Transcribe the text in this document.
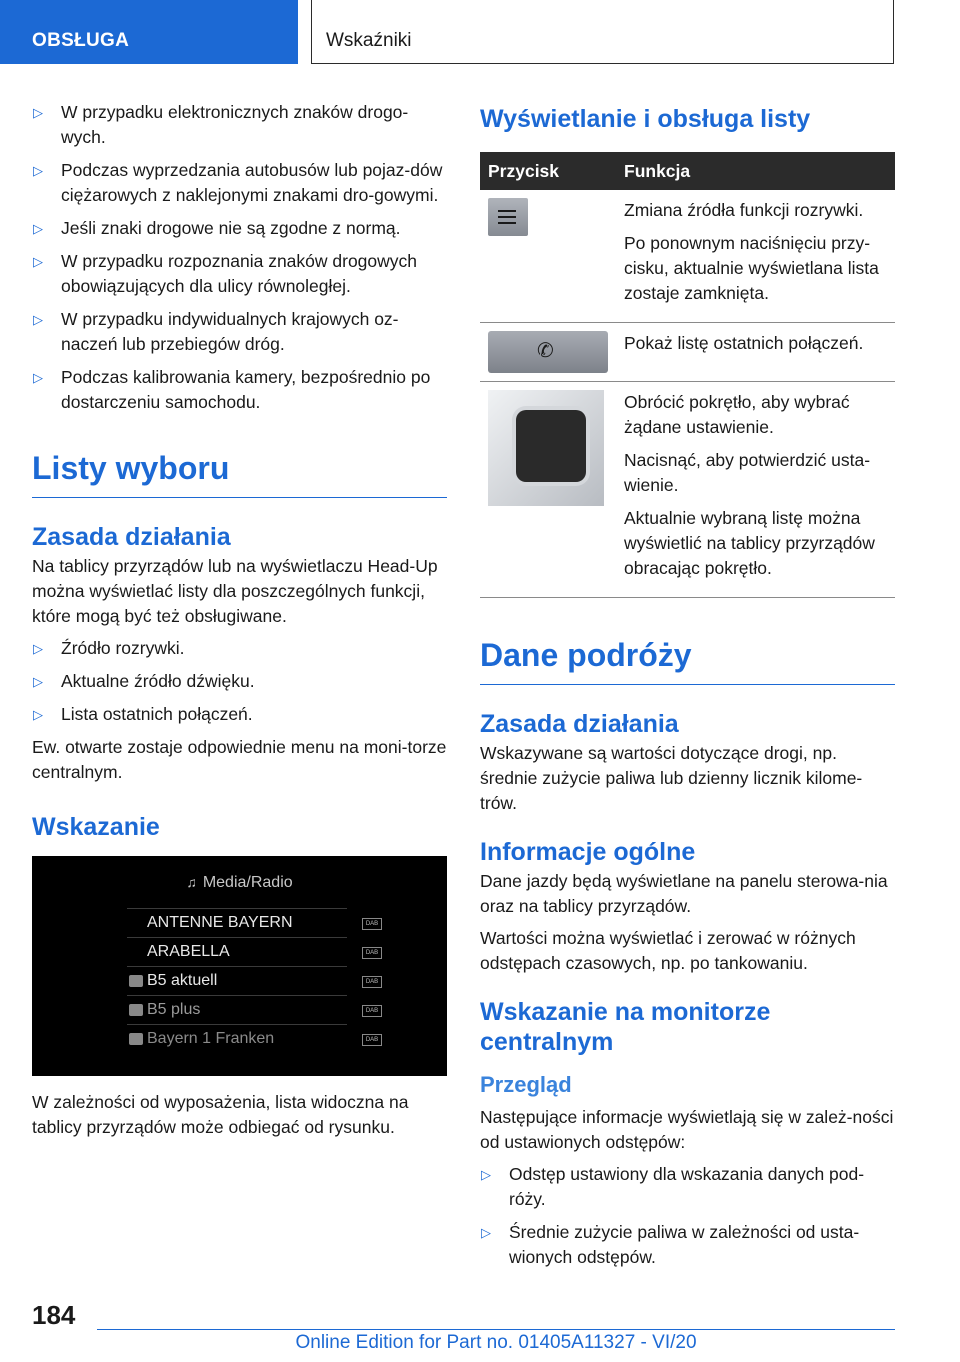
OBSŁUGA	Wskaźniki
▷ W przypadku elektronicznych znaków drogo-wych.
▷ Podczas wyprzedzania autobusów lub pojaz-dów ciężarowych z naklejonymi znakami dro-gowymi.
▷ Jeśli znaki drogowe nie są zgodne z normą.
▷ W przypadku rozpoznania znaków drogowych obowiązujących dla ulicy równoległej.
▷ W przypadku indywidualnych krajowych oz-naczeń lub przebiegów dróg.
▷ Podczas kalibrowania kamery, bezpośrednio po dostarczeniu samochodu.
Listy wyboru
Zasada działania

Na tablicy przyrządów lub na wyświetlaczu Head-Up można wyświetlać listy dla poszczególnych funkcji, które mogą być też obsługiwane.

▷ Źródło rozrywki.
▷ Aktualne źródło dźwięku.
▷ Lista ostatnich połączeń.

Ew. otwarte zostaje odpowiednie menu na moni-torze centralnym.

Wskazanie
♫ Media/Radio
ANTENNE BAYERN	DAB
ARABELLA	DAB
B5 aktuell	DAB
B5 plus	DAB
Bayern 1 Franken	DAB

W zależności od wyposażenia, lista widoczna na tablicy przyrządów może odbiegać od rysunku.

Wyświetlanie i obsługa listy
Przycisk	Funkcja

	Zmiana źródła funkcji rozrywki.

Po ponownym naciśnięciu przy-cisku, aktualnie wyświetlana lista zostaje zamknięta.

✆	Pokaż listę ostatnich połączeń.

	Obrócić pokrętło, aby wybrać żądane ustawienie.

Nacisnąć, aby potwierdzić usta-wienie.

Aktualnie wybraną listę można wyświetlić na tablicy przyrządów obracając pokrętło.

Dane podróży
Zasada działania

Wskazywane są wartości dotyczące drogi, np. średnie zużycie paliwa lub dzienny licznik kilome-trów.

Informacje ogólne

Dane jazdy będą wyświetlane na panelu sterowa-nia oraz na tablicy przyrządów.

Wartości można wyświetlać i zerować w różnych odstępach czasowych, np. po tankowaniu.

Wskazanie na monitorze centralnym
Przegląd

Następujące informacje wyświetlają się w zależ-ności od ustawionych odstępów:

▷ Odstęp ustawiony dla wskazania danych pod-róży.
▷ Średnie zużycie paliwa w zależności od usta-wionych odstępów.
184
Online Edition for Part no. 01405A11327 - VI/20
